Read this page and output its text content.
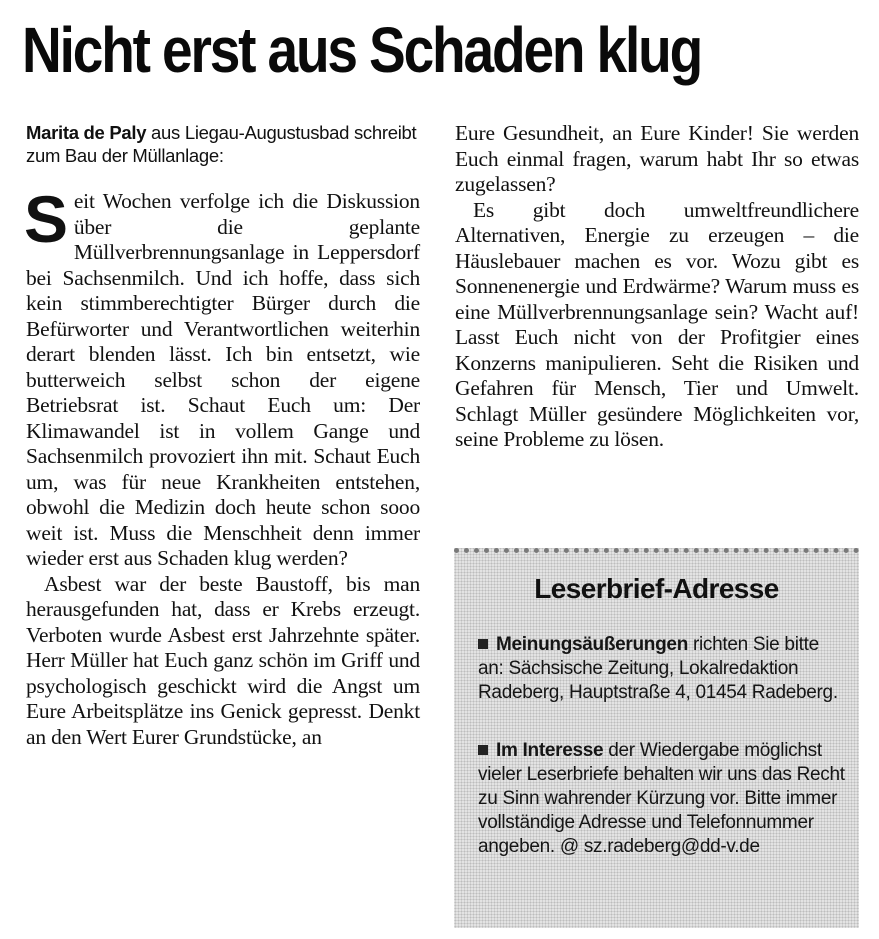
Nicht erst aus Schaden klug

Marita de Paly aus Liegau-Augustusbad schreibt zum Bau der Müllanlage:

Seit Wochen verfolge ich die Diskussion über die geplante Müllverbrennungsanlage in Leppersdorf bei Sachsenmilch. Und ich hoffe, dass sich kein stimmberechtigter Bürger durch die Befürworter und Verantwortlichen weiterhin derart blenden lässt. Ich bin entsetzt, wie butterweich selbst schon der eigene Betriebsrat ist. Schaut Euch um: Der Klimawandel ist in vollem Gange und Sachsenmilch provoziert ihn mit. Schaut Euch um, was für neue Krankheiten entstehen, obwohl die Medizin doch heute schon sooo weit ist. Muss die Menschheit denn immer wieder erst aus Schaden klug werden?

Asbest war der beste Baustoff, bis man herausgefunden hat, dass er Krebs erzeugt. Verboten wurde Asbest erst Jahrzehnte später. Herr Müller hat Euch ganz schön im Griff und psychologisch geschickt wird die Angst um Eure Arbeitsplätze ins Genick gepresst. Denkt an den Wert Eurer Grundstücke, an

Eure Gesundheit, an Eure Kinder! Sie werden Euch einmal fragen, warum habt Ihr so etwas zugelassen?

Es gibt doch umweltfreundlichere Alternativen, Energie zu erzeugen – die Häuslebauer machen es vor. Wozu gibt es Sonnenenergie und Erdwärme? Warum muss es eine Müllverbrennungsanlage sein? Wacht auf! Lasst Euch nicht von der Profitgier eines Konzerns manipulieren. Seht die Risiken und Gefahren für Mensch, Tier und Umwelt. Schlagt Müller gesündere Möglichkeiten vor, seine Probleme zu lösen.

Leserbrief-Adresse

Meinungsäußerungen richten Sie bitte an: Sächsische Zeitung, Lokalredaktion Radeberg, Hauptstraße 4, 01454 Radeberg.

Im Interesse der Wiedergabe möglichst vieler Leserbriefe behalten wir uns das Recht zu Sinn wahrender Kürzung vor. Bitte immer vollständige Adresse und Telefonnummer angeben. @ sz.radeberg@dd-v.de
